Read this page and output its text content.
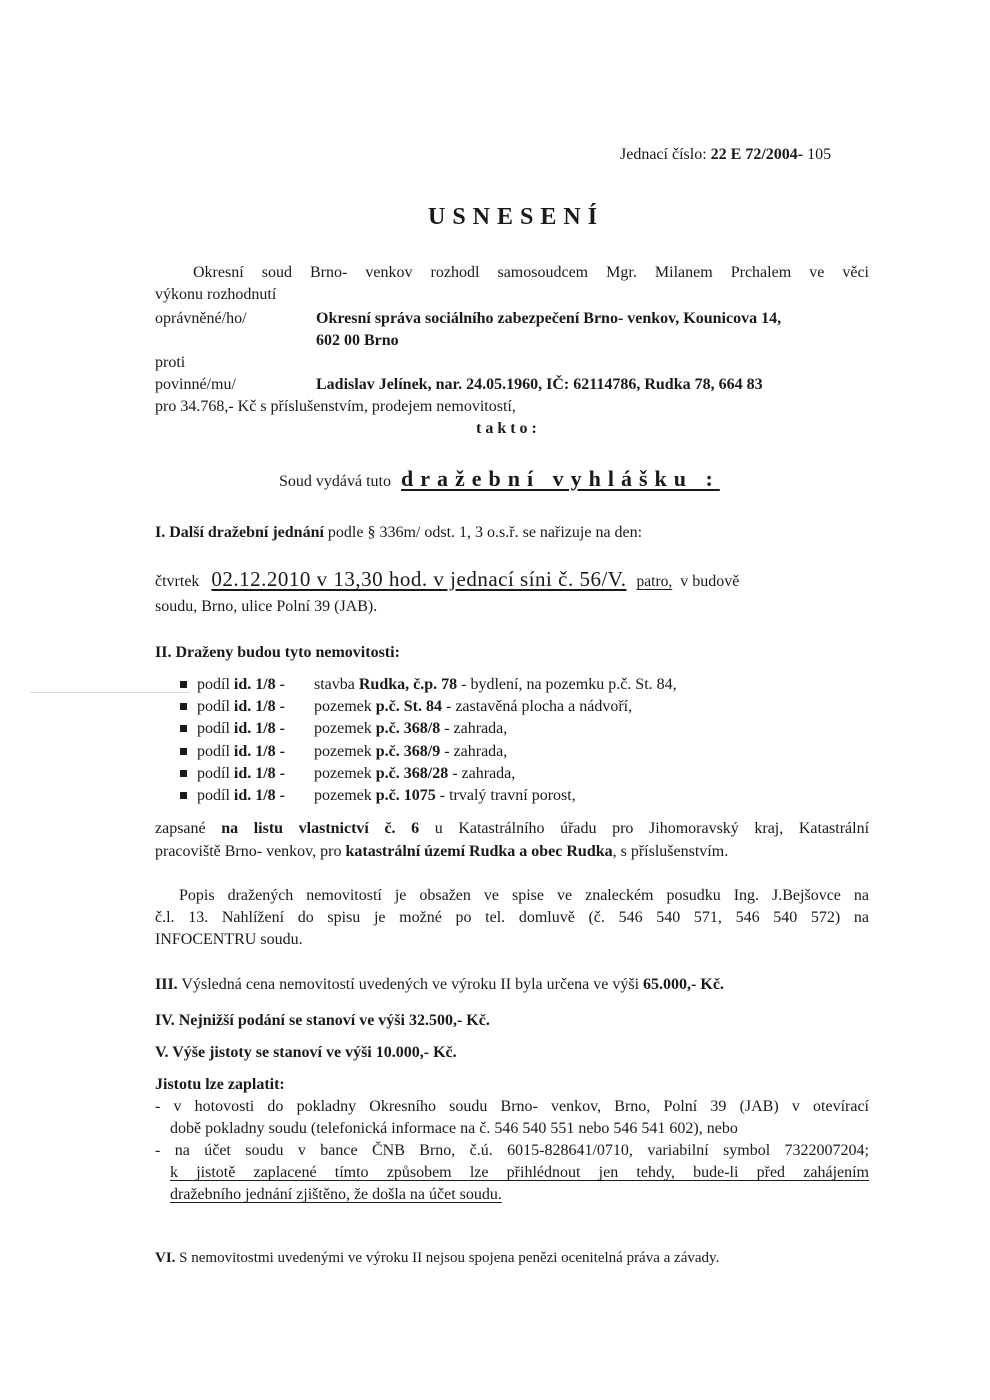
Jednací číslo: 22 E 72/2004- 105
USNESENÍ
Okresní soud Brno- venkov rozhodl samosoudcem Mgr. Milanem Prchalem ve věci
výkonu rozhodnutí
oprávněné/ho/	Okresní správa sociálního zabezpečení Brno- venkov, Kounicova 14,
602 00 Brno
proti
povinné/mu/	Ladislav Jelínek, nar. 24.05.1960, IČ: 62114786, Rudka 78, 664 83
pro 34.768,- Kč s příslušenstvím, prodejem nemovitostí,
takto:
Soud vydává tuto dražební vyhlášku :
I. Další dražební jednání podle § 336m/ odst. 1, 3 o.s.ř. se nařizuje na den:
čtvrtek 02.12.2010 v 13,30 hod. v jednací síni č. 56/V. patro, v budově
soudu, Brno, ulice Polní 39 (JAB).
II. Draženy budou tyto nemovitosti:
podíl id. 1/8 - stavba Rudka, č.p. 78 - bydlení, na pozemku p.č. St. 84,
podíl id. 1/8 - pozemek p.č. St. 84 - zastavěná plocha a nádvoří,
podíl id. 1/8 - pozemek p.č. 368/8 - zahrada,
podíl id. 1/8 - pozemek p.č. 368/9 - zahrada,
podíl id. 1/8 - pozemek p.č. 368/28 - zahrada,
podíl id. 1/8 - pozemek p.č. 1075 - trvalý travní porost,
zapsané na listu vlastnictví č. 6 u Katastrálního úřadu pro Jihomoravský kraj, Katastrální
pracoviště Brno- venkov, pro katastrální území Rudka a obec Rudka, s příslušenstvím.
Popis dražených nemovitostí je obsažen ve spise ve znaleckém posudku Ing. J.Bejšovce na
č.l. 13. Nahlížení do spisu je možné po tel. domluvě (č. 546 540 571, 546 540 572) na
INFOCENTRU soudu.
III. Výsledná cena nemovitostí uvedených ve výroku II byla určena ve výši 65.000,- Kč.
IV. Nejnižší podání se stanoví ve výši 32.500,- Kč.
V. Výše jistoty se stanoví ve výši 10.000,- Kč.
Jistotu lze zaplatit:
- v hotovosti do pokladny Okresního soudu Brno- venkov, Brno, Polní 39 (JAB) v otevírací
době pokladny soudu (telefonická informace na č. 546 540 551 nebo 546 541 602), nebo
- na účet soudu v bance ČNB Brno, č.ú. 6015-828641/0710, variabilní symbol 7322007204;
k jistotě zaplacené tímto způsobem lze přihlédnout jen tehdy, bude-li před zahájením
dražebního jednání zjištěno, že došla na účet soudu.
VI. S nemovitostmi uvedenými ve výroku II nejsou spojena penězi ocenitelná práva a závady.
